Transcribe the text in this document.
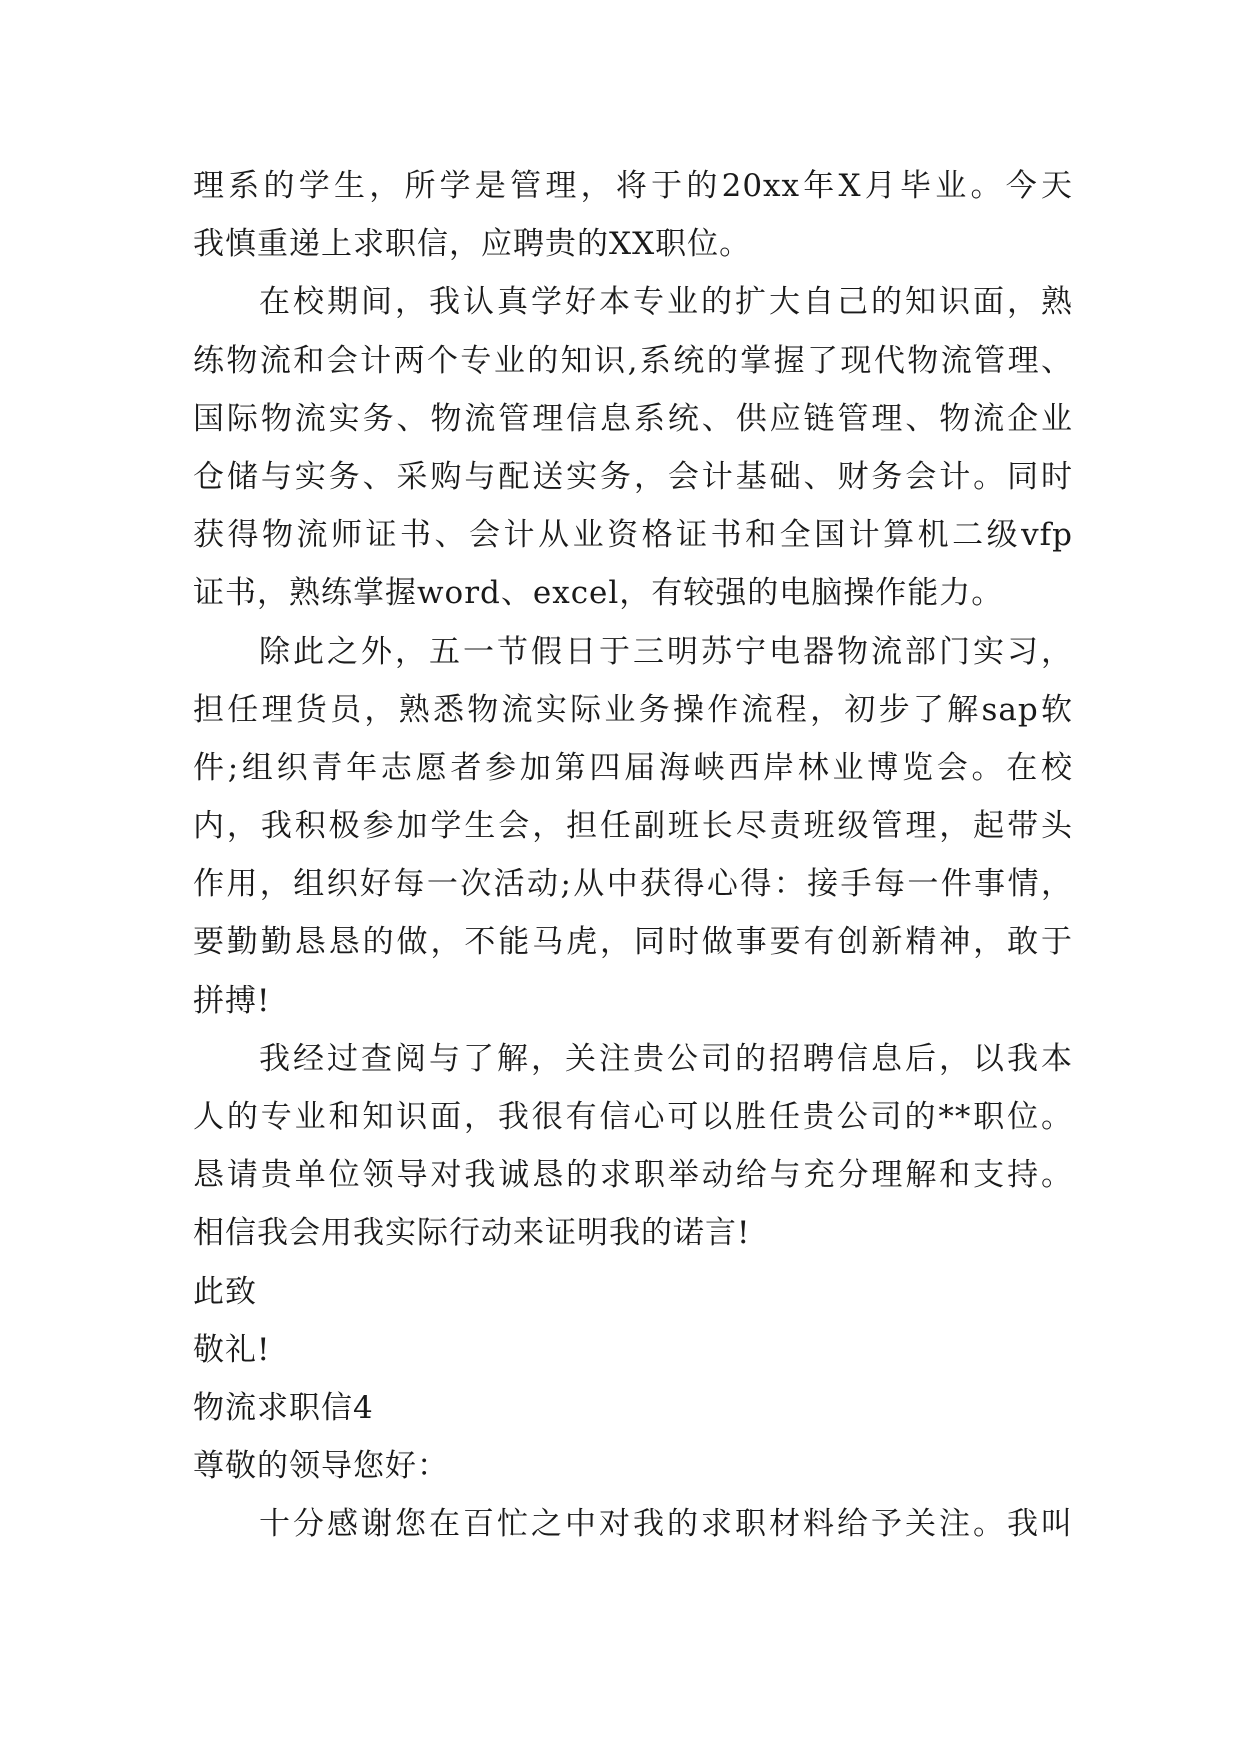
理系的学生，所学是管理，将于的20xx年X月毕业。今天
我慎重递上求职信，应聘贵的XX职位。
在校期间，我认真学好本专业的扩大自己的知识面，熟
练物流和会计两个专业的知识,系统的掌握了现代物流管理、
国际物流实务、物流管理信息系统、供应链管理、物流企业
仓储与实务、采购与配送实务，会计基础、财务会计。同时
获得物流师证书、会计从业资格证书和全国计算机二级vfp
证书，熟练掌握word、excel，有较强的电脑操作能力。
除此之外，五一节假日于三明苏宁电器物流部门实习，
担任理货员，熟悉物流实际业务操作流程，初步了解sap软
件;组织青年志愿者参加第四届海峡西岸林业博览会。在校
内，我积极参加学生会，担任副班长尽责班级管理，起带头
作用，组织好每一次活动;从中获得心得：接手每一件事情，
要勤勤恳恳的做，不能马虎，同时做事要有创新精神，敢于
拼搏!
我经过查阅与了解，关注贵公司的招聘信息后，以我本
人的专业和知识面，我很有信心可以胜任贵公司的**职位。
恳请贵单位领导对我诚恳的求职举动给与充分理解和支持。
相信我会用我实际行动来证明我的诺言!
此致
敬礼!
物流求职信4
尊敬的领导您好：
十分感谢您在百忙之中对我的求职材料给予关注。我叫
